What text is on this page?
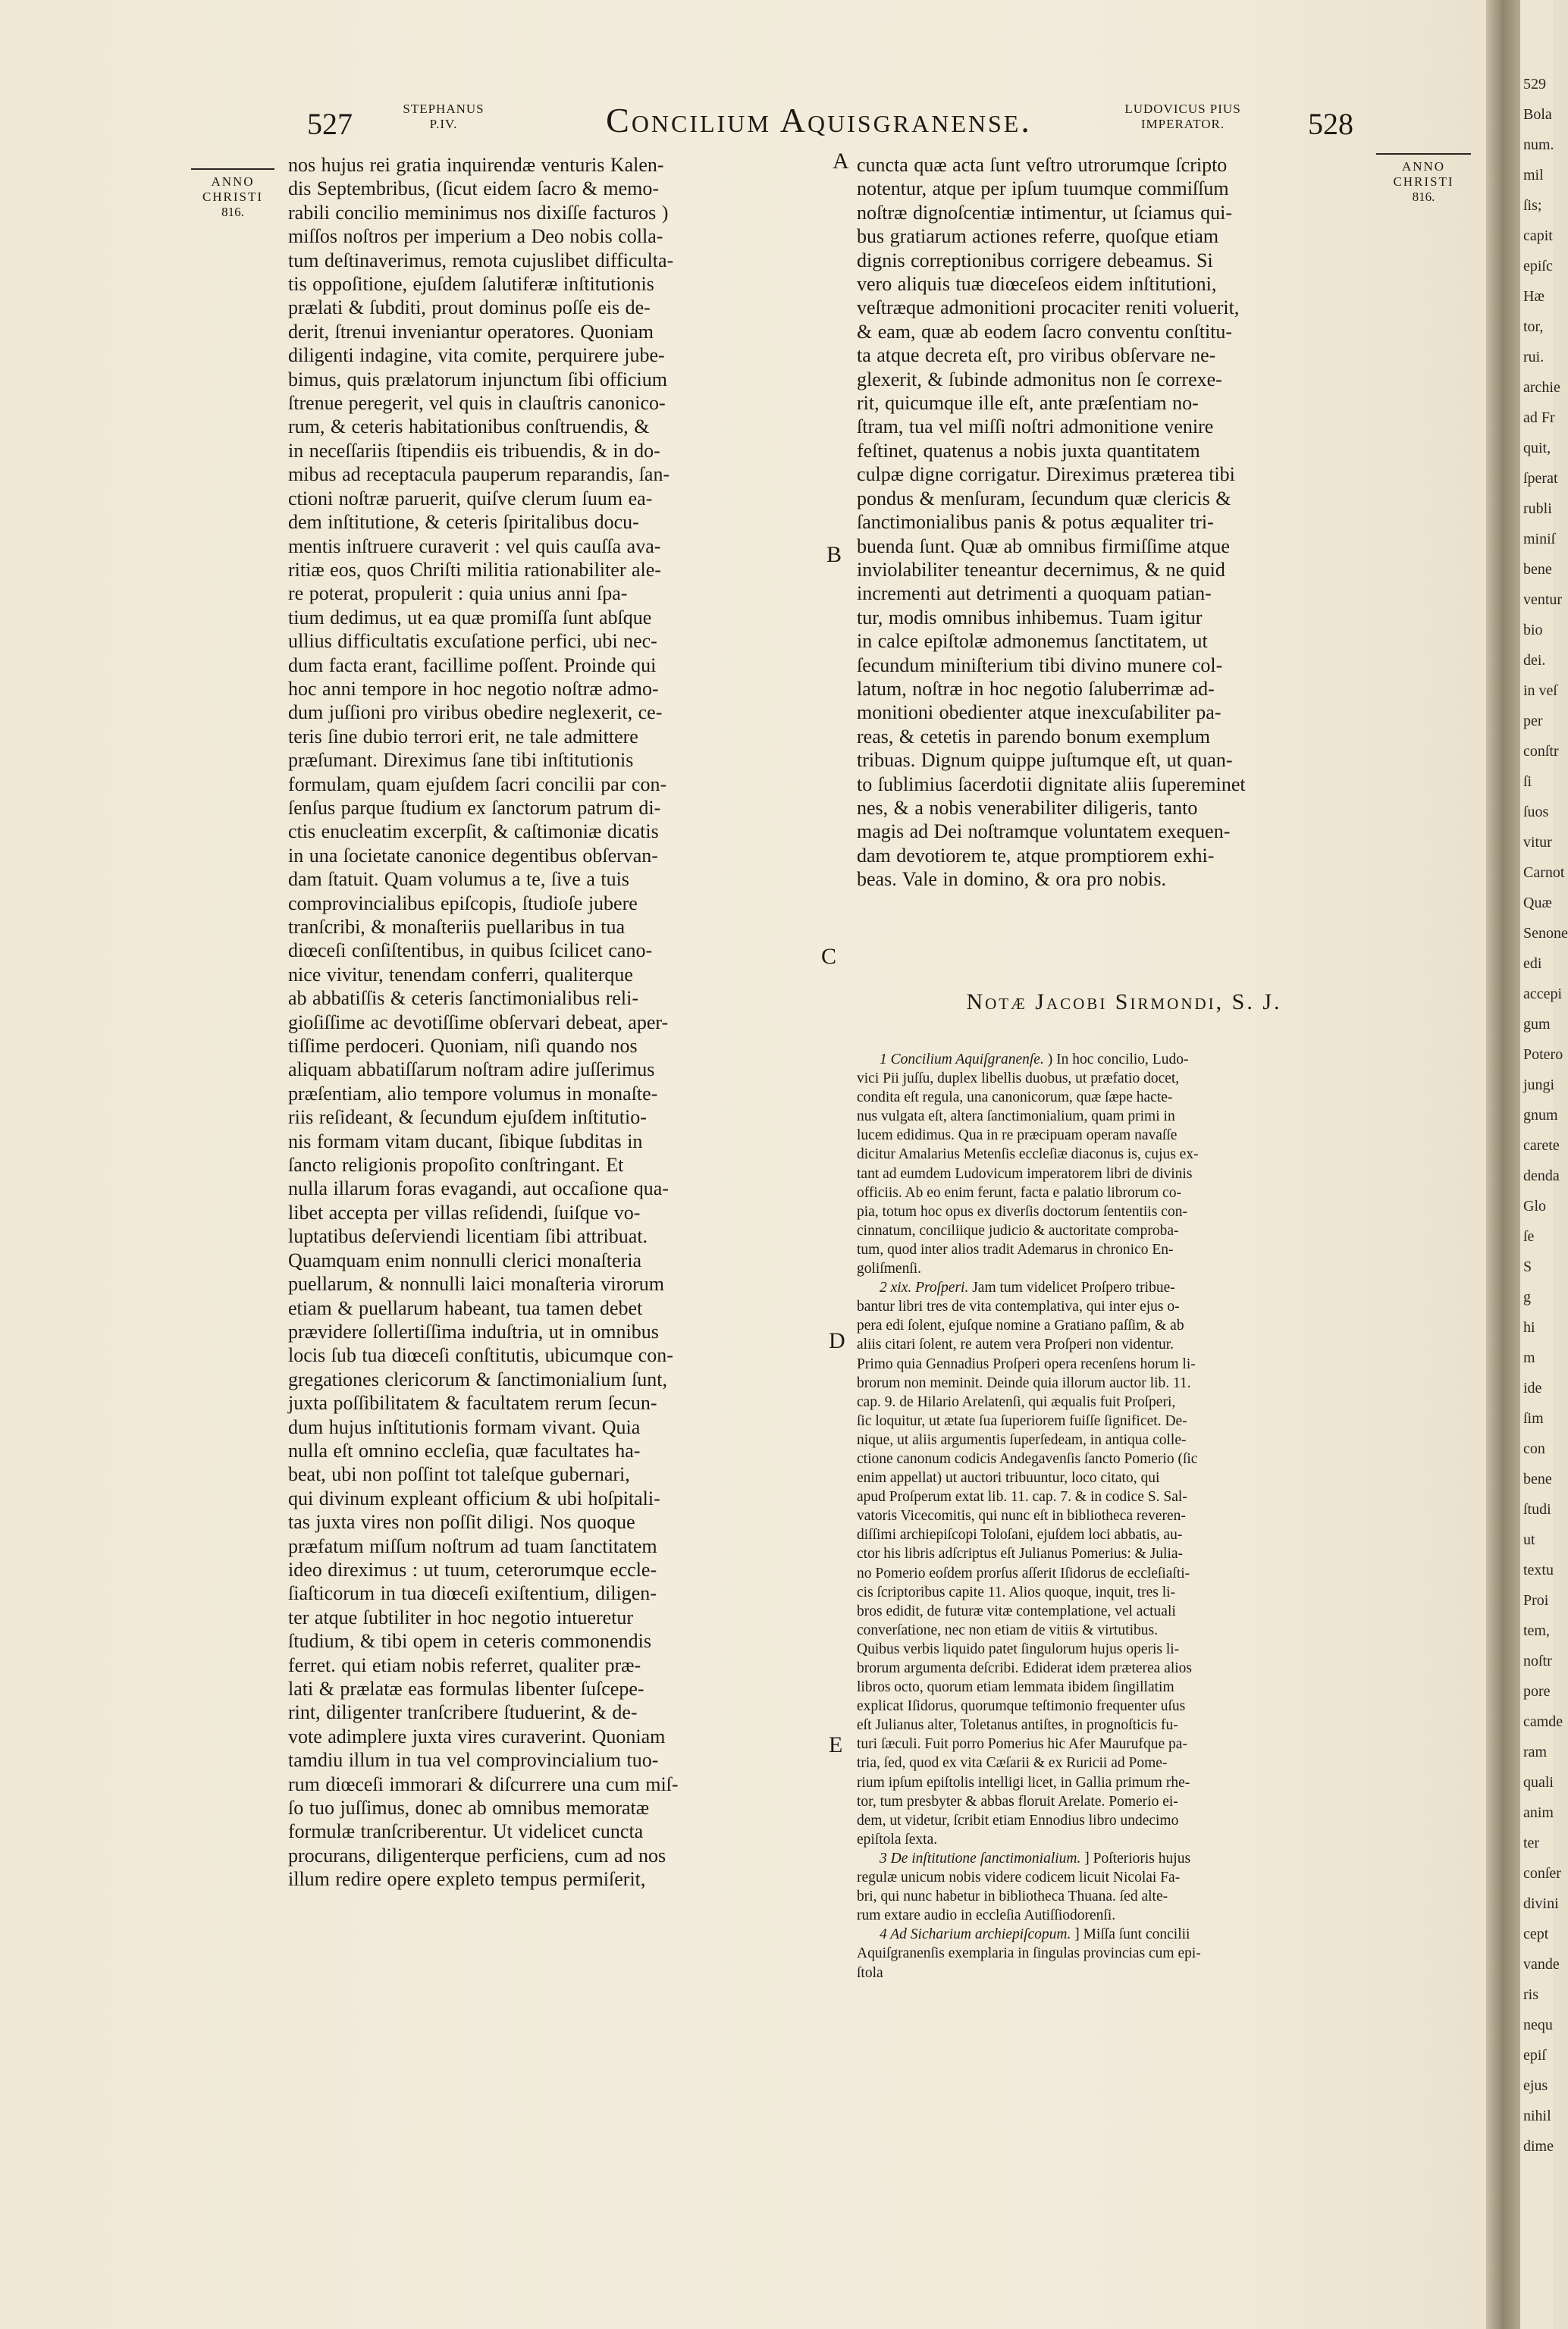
527	STEPHANUS
P.IV.	Concilium Aquisgranense.	LUDOVICUS PIUS
IMPERATOR.	528
ANNO
CHRISTI
816.
ANNO
CHRISTI
816.
A
B
C
D
E
nos hujus rei gratia inquirendæ venturis Kalen-
dis Septembribus, (ſicut eidem ſacro & memo-
rabili concilio meminimus nos dixiſſe facturos )
miſſos noſtros per imperium a Deo nobis colla-
tum deſtinaverimus, remota cujuslibet difficulta-
tis oppoſitione, ejuſdem ſalutiferæ inſtitutionis
prælati & ſubditi, prout dominus poſſe eis de-
derit, ſtrenui inveniantur operatores. Quoniam
diligenti indagine, vita comite, perquirere jube-
bimus, quis prælatorum injunctum ſibi officium
ſtrenue peregerit, vel quis in clauſtris canonico-
rum, & ceteris habitationibus conſtruendis, &
in neceſſariis ſtipendiis eis tribuendis, & in do-
mibus ad receptacula pauperum reparandis, ſan-
ctioni noſtræ paruerit, quiſve clerum ſuum ea-
dem inſtitutione, & ceteris ſpiritalibus docu-
mentis inſtruere curaverit : vel quis cauſſa ava-
ritiæ eos, quos Chriſti militia rationabiliter ale-
re poterat, propulerit : quia unius anni ſpa-
tium dedimus, ut ea quæ promiſſa ſunt abſque
ullius difficultatis excuſatione perfici, ubi nec-
dum facta erant, facillime poſſent. Proinde qui
hoc anni tempore in hoc negotio noſtræ admo-
dum juſſioni pro viribus obedire neglexerit, ce-
teris ſine dubio terrori erit, ne tale admittere
præſumant. Direximus ſane tibi inſtitutionis
formulam, quam ejuſdem ſacri concilii par con-
ſenſus parque ſtudium ex ſanctorum patrum di-
ctis enucleatim excerpſit, & caſtimoniæ dicatis
in una ſocietate canonice degentibus obſervan-
dam ſtatuit. Quam volumus a te, ſive a tuis
comprovincialibus epiſcopis, ſtudioſe jubere
tranſcribi, & monaſteriis puellaribus in tua
diœceſi conſiſtentibus, in quibus ſcilicet cano-
nice vivitur, tenendam conferri, qualiterque
ab abbatiſſis & ceteris ſanctimonialibus reli-
gioſiſſime ac devotiſſime obſervari debeat, aper-
tiſſime perdoceri. Quoniam, niſi quando nos
aliquam abbatiſſarum noſtram adire juſſerimus
præſentiam, alio tempore volumus in monaſte-
riis reſideant, & ſecundum ejuſdem inſtitutio-
nis formam vitam ducant, ſibique ſubditas in
ſancto religionis propoſito conſtringant. Et
nulla illarum foras evagandi, aut occaſione qua-
libet accepta per villas reſidendi, ſuiſque vo-
luptatibus deſerviendi licentiam ſibi attribuat.
Quamquam enim nonnulli clerici monaſteria
puellarum, & nonnulli laici monaſteria virorum
etiam & puellarum habeant, tua tamen debet
prævidere ſollertiſſima induſtria, ut in omnibus
locis ſub tua diœceſi conſtitutis, ubicumque con-
gregationes clericorum & ſanctimonialium ſunt,
juxta poſſibilitatem & facultatem rerum ſecun-
dum hujus inſtitutionis formam vivant. Quia
nulla eſt omnino eccleſia, quæ facultates ha-
beat, ubi non poſſint tot taleſque gubernari,
qui divinum expleant officium & ubi hoſpitali-
tas juxta vires non poſſit diligi. Nos quoque
præfatum miſſum noſtrum ad tuam ſanctitatem
ideo direximus : ut tuum, ceterorumque eccle-
ſiaſticorum in tua diœceſi exiſtentium, diligen-
ter atque ſubtiliter in hoc negotio intueretur
ſtudium, & tibi opem in ceteris commonendis
ferret. qui etiam nobis referret, qualiter præ-
lati & prælatæ eas formulas libenter ſuſcepe-
rint, diligenter tranſcribere ſtuduerint, & de-
vote adimplere juxta vires curaverint. Quoniam
tamdiu illum in tua vel comprovincialium tuo-
rum diœceſi immorari & diſcurrere una cum miſ-
ſo tuo juſſimus, donec ab omnibus memoratæ
formulæ tranſcriberentur. Ut videlicet cuncta
procurans, diligenterque perficiens, cum ad nos
illum redire opere expleto tempus permiſerit,
cuncta quæ acta ſunt veſtro utrorumque ſcripto
notentur, atque per ipſum tuumque commiſſum
noſtræ dignoſcentiæ intimentur, ut ſciamus qui-
bus gratiarum actiones referre, quoſque etiam
dignis correptionibus corrigere debeamus. Si
vero aliquis tuæ diœceſeos eidem inſtitutioni,
veſtræque admonitioni procaciter reniti voluerit,
& eam, quæ ab eodem ſacro conventu conſtitu-
ta atque decreta eſt, pro viribus obſervare ne-
glexerit, & ſubinde admonitus non ſe correxe-
rit, quicumque ille eſt, ante præſentiam no-
ſtram, tua vel miſſi noſtri admonitione venire
feſtinet, quatenus a nobis juxta quantitatem
culpæ digne corrigatur. Direximus præterea tibi
pondus & menſuram, ſecundum quæ clericis &
ſanctimonialibus panis & potus æqualiter tri-
buenda ſunt. Quæ ab omnibus firmiſſime atque
inviolabiliter teneantur decernimus, & ne quid
incrementi aut detrimenti a quoquam patian-
tur, modis omnibus inhibemus. Tuam igitur
in calce epiſtolæ admonemus ſanctitatem, ut
ſecundum miniſterium tibi divino munere col-
latum, noſtræ in hoc negotio ſaluberrimæ ad-
monitioni obedienter atque inexcuſabiliter pa-
reas, & cetetis in parendo bonum exemplum
tribuas. Dignum quippe juſtumque eſt, ut quan-
to ſublimius ſacerdotii dignitate aliis ſupereminet
nes, & a nobis venerabiliter diligeris, tanto
magis ad Dei noſtramque voluntatem exequen-
dam devotiorem te, atque promptiorem exhi-
beas. Vale in domino, & ora pro nobis.
Notæ Jacobi Sirmondi, S. J.

1 Concilium Aquiſgranenſe. ) In hoc concilio, Ludo-
vici Pii juſſu, duplex libellis duobus, ut præfatio docet,
condita eſt regula, una canonicorum, quæ ſæpe hacte-
nus vulgata eſt, altera ſanctimonialium, quam primi in
lucem edidimus. Qua in re præcipuam operam navaſſe
dicitur Amalarius Metenſis eccleſiæ diaconus is, cujus ex-
tant ad eumdem Ludovicum imperatorem libri de divinis
officiis. Ab eo enim ferunt, facta e palatio librorum co-
pia, totum hoc opus ex diverſis doctorum ſententiis con-
cinnatum, conciliique judicio & auctoritate comproba-
tum, quod inter alios tradit Ademarus in chronico En-
goliſmenſi.

2 xix. Proſperi. Jam tum videlicet Proſpero tribue-
bantur libri tres de vita contemplativa, qui inter ejus o-
pera edi ſolent, ejuſque nomine a Gratiano paſſim, & ab
aliis citari ſolent, re autem vera Proſperi non videntur.
Primo quia Gennadius Proſperi opera recenſens horum li-
brorum non meminit. Deinde quia illorum auctor lib. 11.
cap. 9. de Hilario Arelatenſi, qui æqualis fuit Proſperi,
ſic loquitur, ut ætate ſua ſuperiorem fuiſſe ſignificet. De-
nique, ut aliis argumentis ſuperſedeam, in antiqua colle-
ctione canonum codicis Andegavenſis ſancto Pomerio (ſic
enim appellat) ut auctori tribuuntur, loco citato, qui
apud Proſperum extat lib. 11. cap. 7. & in codice S. Sal-
vatoris Vicecomitis, qui nunc eſt in bibliotheca reveren-
diſſimi archiepiſcopi Toloſani, ejuſdem loci abbatis, au-
ctor his libris adſcriptus eſt Julianus Pomerius: & Julia-
no Pomerio eoſdem prorſus aſſerit Iſidorus de eccleſiaſti-
cis ſcriptoribus capite 11. Alios quoque, inquit, tres li-
bros edidit, de futuræ vitæ contemplatione, vel actuali
converſatione, nec non etiam de vitiis & virtutibus.
Quibus verbis liquido patet ſingulorum hujus operis li-
brorum argumenta deſcribi. Ediderat idem præterea alios
libros octo, quorum etiam lemmata ibidem ſingillatim
explicat Iſidorus, quorumque teſtimonio frequenter uſus
eſt Julianus alter, Toletanus antiſtes, in prognoſticis fu-
turi ſæculi. Fuit porro Pomerius hic Afer Maurufque pa-
tria, ſed, quod ex vita Cæſarii & ex Ruricii ad Pome-
rium ipſum epiſtolis intelligi licet, in Gallia primum rhe-
tor, tum presbyter & abbas floruit Arelate. Pomerio ei-
dem, ut videtur, ſcribit etiam Ennodius libro undecimo
epiſtola ſexta.

3 De inſtitutione ſanctimonialium. ] Poſterioris hujus
regulæ unicum nobis videre codicem licuit Nicolai Fa-
bri, qui nunc habetur in bibliotheca Thuana. ſed alte-
rum extare audio in eccleſia Autiſſiodorenſi.

4 Ad Sicharium archiepiſcopum. ] Miſſa ſunt concilii
Aquiſgranenſis exemplaria in ſingulas provincias cum epi-
ſtola

529
Bola
num.
mil
ſis;
capit
epiſc
Hæ
tor,
rui.
archie
ad Fr
quit,
ſperat
rubli
miniſ
bene
ventur
bio
dei.
in veſ
per
conſtr
ſi
ſuos
vitur
Carnot
Quæ
Senone
edi
accepi
gum
Potero
jungi
gnum
carete
denda
Glo
ſe
S
g
hi
m
ide
ſim
con
bene
ſtudi
ut
textu
Proi
tem,
noſtr
pore
camde
ram
quali
anim
ter
conſer
divini
cept
vande
ris
nequ
epiſ
ejus
nihil
dime
